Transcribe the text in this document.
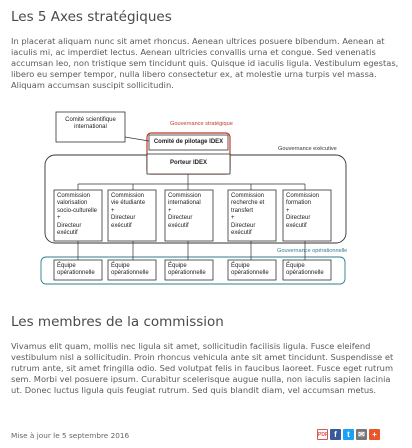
Les 5 Axes stratégiques

In placerat aliquam nunc sit amet rhoncus. Aenean ultrices posuere bibendum. Aenean at iaculis mi, ac imperdiet lectus. Aenean ultricies convallis urna et congue. Sed venenatis accumsan leo, non tristique sem tincidunt quis. Quisque id iaculis ligula. Vestibulum egestas, libero eu semper tempor, nulla libero consectetur ex, at molestie urna turpis vel massa. Aliquam accumsan suscipit sollicitudin.

Gouvernance stratégique
Gouvernance exécutive
Gouvernance opérationnelle
Comité scientifique
international
Comité de pilotage IDEX
Porteur IDEX
Commission
valorisation
socio-culturelle
+
Directeur
exécutif
Commission
vie étudiante
+
Directeur
exécutif
Commission
international
+
Directeur
exécutif
Commission
recherche et
transfert
+
Directeur
exécutif
Commission
formation
+
Directeur
exécutif
Équipe
opérationnelle
Équipe
opérationnelle
Équipe
opérationnelle
Équipe
opérationnelle
Équipe
opérationnelle
Les membres de la commission

Vivamus elit quam, mollis nec ligula sit amet, sollicitudin facilisis ligula. Fusce eleifend vestibulum nisl a sollicitudin. Proin rhoncus vehicula ante sit amet tincidunt. Suspendisse et rutrum ante, sit amet fringilla odio. Sed volutpat felis in faucibus laoreet. Fusce eget rutrum sem. Morbi vel posuere ipsum. Curabitur scelerisque augue nulla, non iaculis sapien lacinia ut. Donec luctus ligula quis feugiat rutrum. Sed quis blandit diam, vel accumsan metus.

Mise à jour le 5 septembre 2016	PDF f	t	✉ +
